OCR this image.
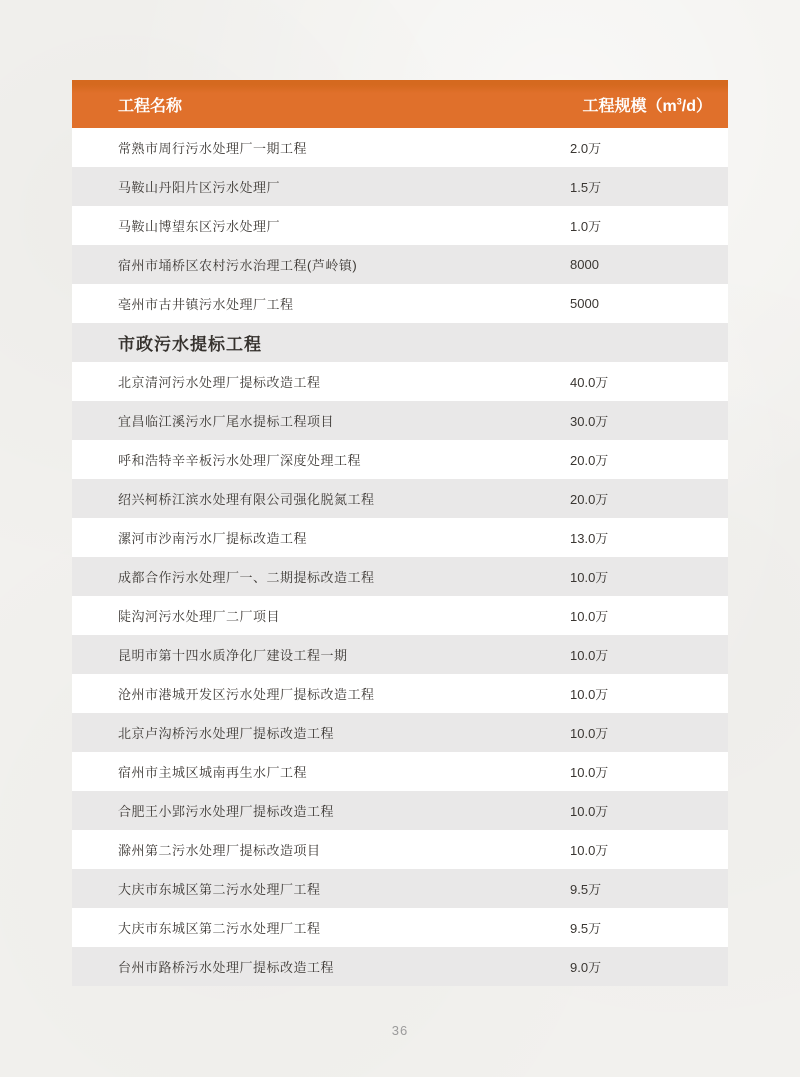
工程名称	工程规模$(m^3/d)$
常熟市周行污水处理厂一期工程	2.0万
马鞍山丹阳片区污水处理厂	1.5万
马鞍山博望东区污水处理厂	1.0万
宿州市埇桥区农村污水治理工程(芦岭镇)	8000
亳州市古井镇污水处理厂工程	5000
市政污水提标工程
北京清河污水处理厂提标改造工程	40.0万
宜昌临江溪污水厂尾水提标工程项目	30.0万
呼和浩特辛辛板污水处理厂深度处理工程	20.0万
绍兴柯桥江滨水处理有限公司强化脱氮工程	20.0万
漯河市沙南污水厂提标改造工程	13.0万
成都合作污水处理厂一、二期提标改造工程	10.0万
陡沟河污水处理厂二厂项目	10.0万
昆明市第十四水质净化厂建设工程一期	10.0万
沧州市港城开发区污水处理厂提标改造工程	10.0万
北京卢沟桥污水处理厂提标改造工程	10.0万
宿州市主城区城南再生水厂工程	10.0万
合肥王小郢污水处理厂提标改造工程	10.0万
滁州第二污水处理厂提标改造项目	10.0万
大庆市东城区第二污水处理厂工程	9.5万
大庆市东城区第二污水处理厂工程	9.5万
台州市路桥污水处理厂提标改造工程	9.0万
36
